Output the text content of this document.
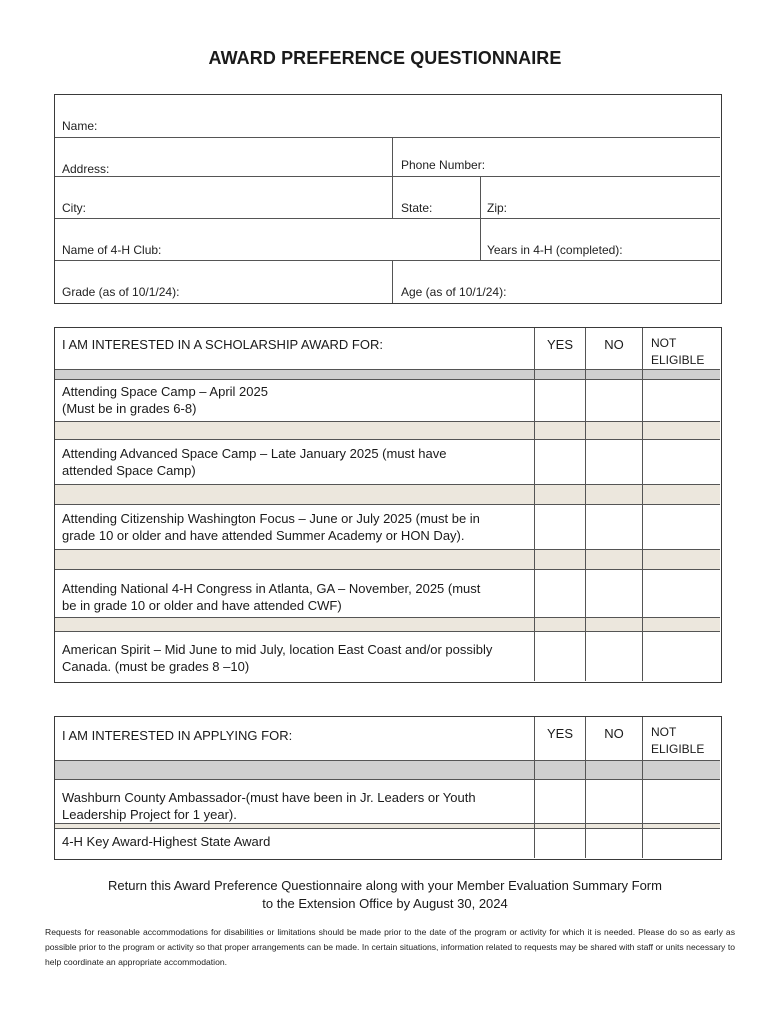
AWARD PREFERENCE QUESTIONNAIRE
Name:
Address:	Phone Number:
City:	State:	Zip:
Name of 4-H Club:	Years in 4-H (completed):
Grade (as of 10/1/24):	Age (as of 10/1/24):
I AM INTERESTED IN A SCHOLARSHIP AWARD FOR:	YES	NO	NOT
ELIGIBLE
Attending Space Camp – April 2025
(Must be in grades 6-8)
Attending Advanced Space Camp – Late January 2025 (must have
attended Space Camp)
Attending Citizenship Washington Focus – June or July 2025 (must be in
grade 10 or older and have attended Summer Academy or HON Day).
Attending National 4-H Congress in Atlanta, GA – November, 2025 (must
be in grade 10 or older and have attended CWF)
American Spirit – Mid June to mid July, location East Coast and/or possibly
Canada. (must be grades 8 –10)
I AM INTERESTED IN APPLYING FOR:	YES	NO	NOT
ELIGIBLE
Washburn County Ambassador-(must have been in Jr. Leaders or Youth
Leadership Project for 1 year).
4-H Key Award-Highest State Award
Return this Award Preference Questionnaire along with your Member Evaluation Summary Form
to the Extension Office by August 30, 2024
Requests for reasonable accommodations for disabilities or limitations should be made prior to the date of the program or activity for which it is needed. Please do so as early as possible prior to the program or activity so that proper arrangements can be made. In certain situations, information related to requests may be shared with staff or units necessary to help coordinate an appropriate accommodation.
